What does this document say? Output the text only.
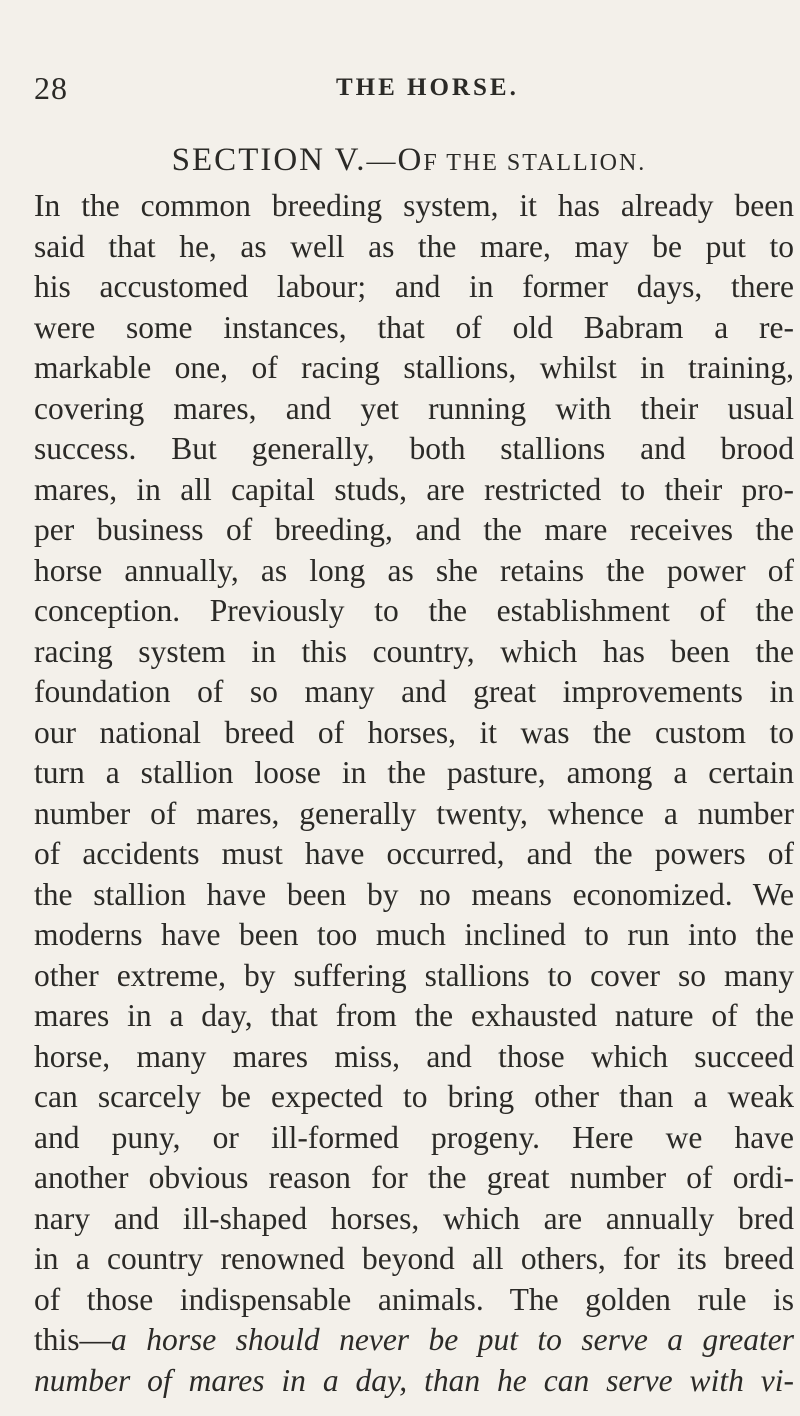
28	THE HORSE.
SECTION V.—OF THE STALLION.
In the common breeding system, it has already been
said that he, as well as the mare, may be put to
his accustomed labour; and in former days, there
were some instances, that of old Babram a re-
markable one, of racing stallions, whilst in training,
covering mares, and yet running with their usual
success. But generally, both stallions and brood
mares, in all capital studs, are restricted to their pro-
per business of breeding, and the mare receives the
horse annually, as long as she retains the power of
conception. Previously to the establishment of the
racing system in this country, which has been the
foundation of so many and great improvements in
our national breed of horses, it was the custom to
turn a stallion loose in the pasture, among a certain
number of mares, generally twenty, whence a number
of accidents must have occurred, and the powers of
the stallion have been by no means economized. We
moderns have been too much inclined to run into the
other extreme, by suffering stallions to cover so many
mares in a day, that from the exhausted nature of the
horse, many mares miss, and those which succeed
can scarcely be expected to bring other than a weak
and puny, or ill-formed progeny. Here we have
another obvious reason for the great number of ordi-
nary and ill-shaped horses, which are annually bred
in a country renowned beyond all others, for its breed
of those indispensable animals. The golden rule is
this—a horse should never be put to serve a greater
number of mares in a day, than he can serve with vi-
